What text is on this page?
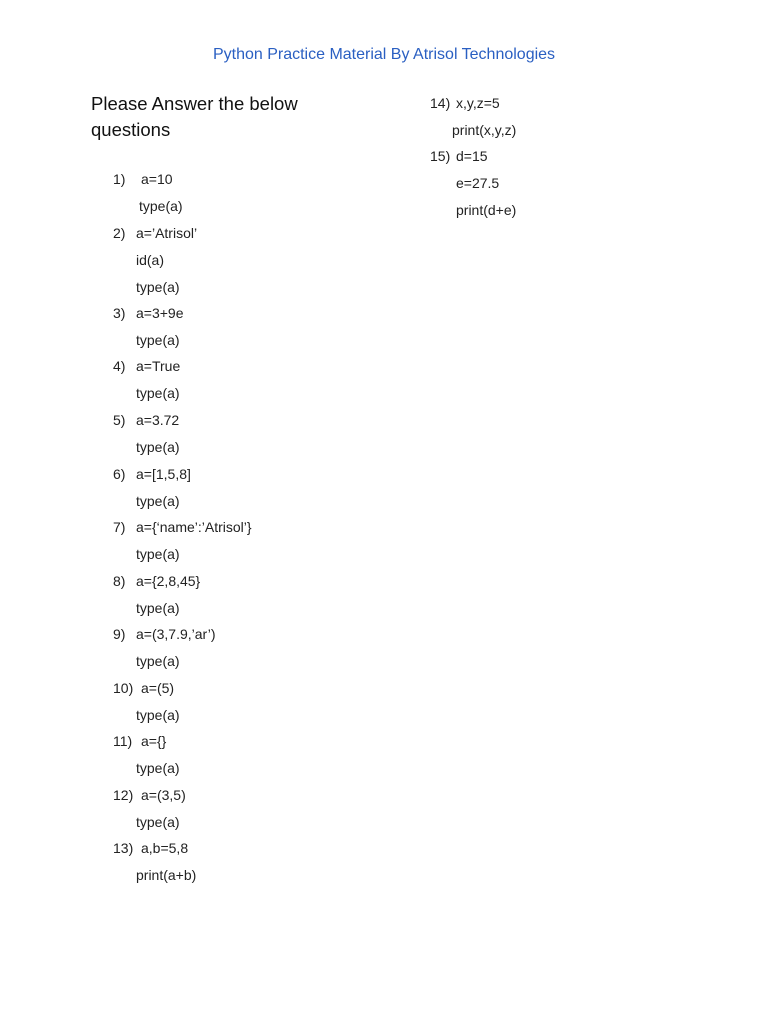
Python Practice Material By Atrisol Technologies
Please Answer the below questions

1)

a=10

type(a)

2)

a=’Atrisol’

id(a)

type(a)

3)

a=3+9e

type(a)

4)

a=True

type(a)

5)

a=3.72

type(a)

6)

a=[1,5,8]

type(a)

7)

a={‘name’:’Atrisol’}

type(a)

8)

a={2,8,45}

type(a)

9)

a=(3,7.9,’ar’)

type(a)

10)

a=(5)

type(a)

11)

a={}

type(a)

12)

a=(3,5)

type(a)

13)

a,b=5,8

print(a+b)

14)

x,y,z=5

print(x,y,z)

15)

d=15

e=27.5

print(d+e)
